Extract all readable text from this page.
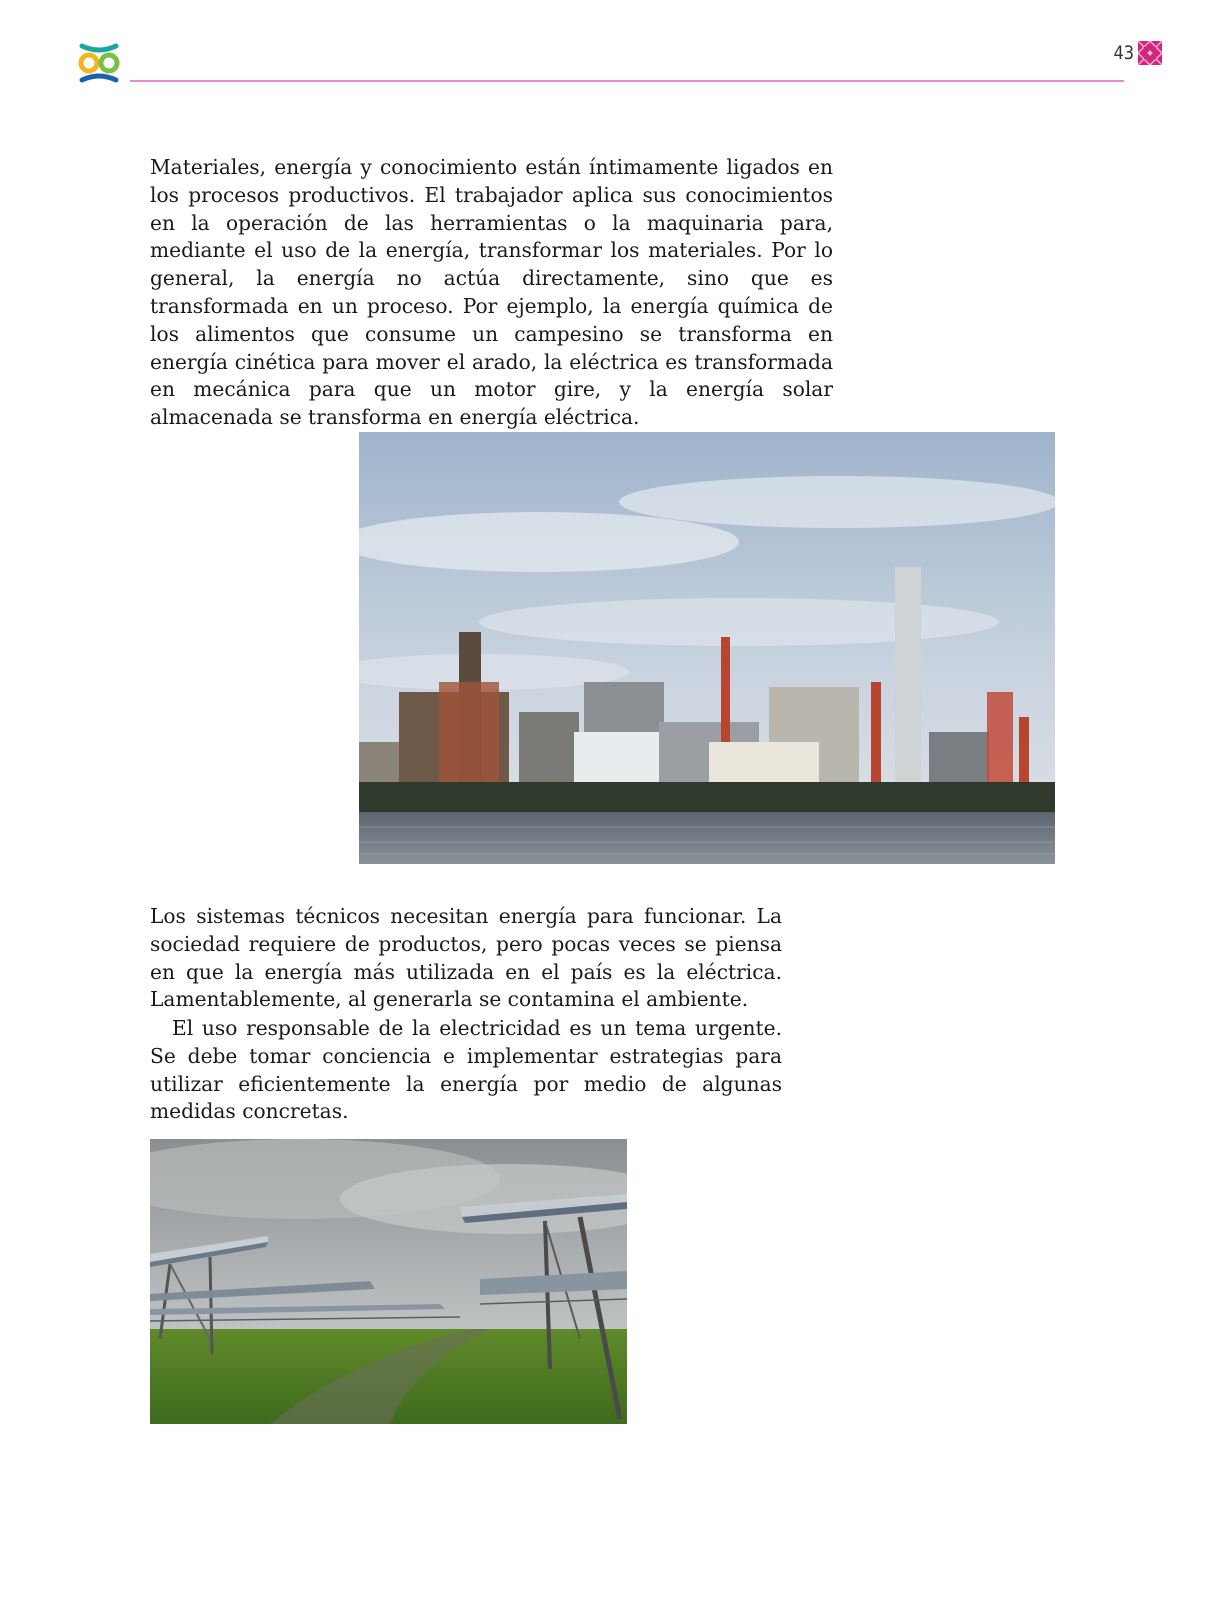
43

Materiales, energía y conocimiento están íntimamente ligados en los procesos productivos. El trabajador aplica sus conocimientos en la operación de las herramientas o la maquinaria para, mediante el uso de la energía, transformar los materiales. Por lo general, la energía no actúa directamente, sino que es transformada en un proceso. Por ejemplo, la energía química de los alimentos que consume un campesino se transforma en energía cinética para mover el arado, la eléctrica es transformada en mecánica para que un motor gire, y la energía solar almacenada se transforma en energía eléctrica.

Los sistemas técnicos necesitan energía para funcionar. La sociedad requiere de productos, pero pocas veces se piensa en que la energía más utilizada en el país es la eléctrica. Lamentablemente, al generarla se contamina el ambiente.

El uso responsable de la electricidad es un tema urgente. Se debe tomar conciencia e implementar estrategias para utilizar eficientemente la energía por medio de algunas medidas concretas.
